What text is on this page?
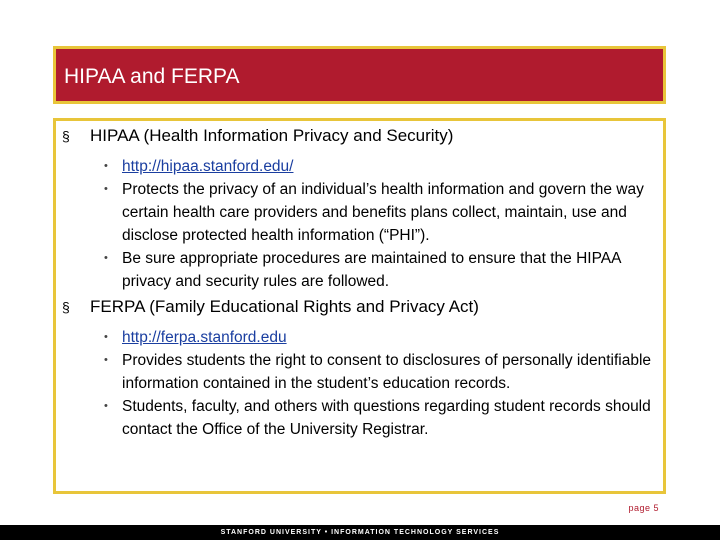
HIPAA and FERPA
§ HIPAA (Health Information Privacy and Security)
• http://hipaa.stanford.edu/
• Protects the privacy of an individual’s health information and govern the way certain health care providers and benefits plans collect, maintain, use and disclose protected health information (“PHI”).
• Be sure appropriate procedures are maintained to ensure that the HIPAA privacy and security rules are followed.
§ FERPA (Family Educational Rights and Privacy Act)
• http://ferpa.stanford.edu
• Provides students the right to consent to disclosures of personally identifiable information contained in the student’s education records.
• Students, faculty, and others with questions regarding student records should contact the Office of the University Registrar.
page 5
STANFORD UNIVERSITY • INFORMATION TECHNOLOGY SERVICES
